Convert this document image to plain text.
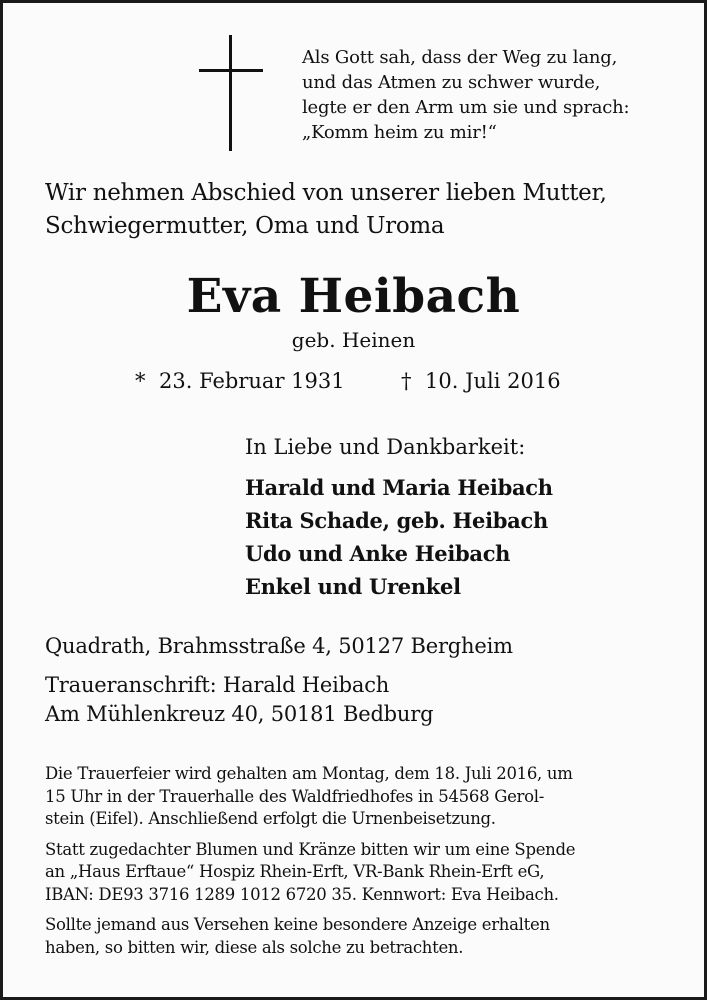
Als Gott sah, dass der Weg zu lang,
und das Atmen zu schwer wurde,
legte er den Arm um sie und sprach:
„Komm heim zu mir!“
Wir nehmen Abschied von unserer lieben Mutter,
Schwiegermutter, Oma und Uroma
Eva Heibach
geb. Heinen
* 23. Februar 1931	† 10. Juli 2016
In Liebe und Dankbarkeit:
Harald und Maria Heibach
Rita Schade, geb. Heibach
Udo und Anke Heibach
Enkel und Urenkel
Quadrath, Brahmsstraße 4, 50127 Bergheim
Traueranschrift: Harald Heibach
Am Mühlenkreuz 40, 50181 Bedburg
Die Trauerfeier wird gehalten am Montag, dem 18. Juli 2016, um
15 Uhr in der Trauerhalle des Waldfriedhofes in 54568 Gerol-
stein (Eifel). Anschließend erfolgt die Urnenbeisetzung.
Statt zugedachter Blumen und Kränze bitten wir um eine Spende
an „Haus Erftaue“ Hospiz Rhein-Erft, VR-Bank Rhein-Erft eG,
IBAN: DE93 3716 1289 1012 6720 35. Kennwort: Eva Heibach.
Sollte jemand aus Versehen keine besondere Anzeige erhalten
haben, so bitten wir, diese als solche zu betrachten.
